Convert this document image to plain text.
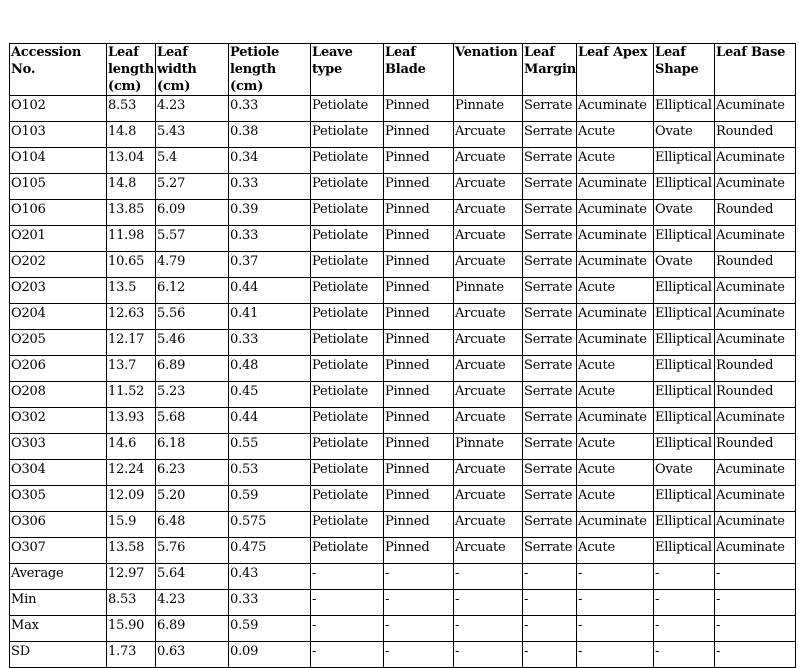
Accession No.	Leaf length (cm)	Leaf width (cm)	Petiole length (cm)	Leave type	Leaf Blade	Venation	Leaf Margin	Leaf Apex	Leaf Shape	Leaf Base
O102	8.53	4.23	0.33	Petiolate	Pinned	Pinnate	Serrate	Acuminate	Elliptical	Acuminate
O103	14.8	5.43	0.38	Petiolate	Pinned	Arcuate	Serrate	Acute	Ovate	Rounded
O104	13.04	5.4	0.34	Petiolate	Pinned	Arcuate	Serrate	Acute	Elliptical	Acuminate
O105	14.8	5.27	0.33	Petiolate	Pinned	Arcuate	Serrate	Acuminate	Elliptical	Acuminate
O106	13.85	6.09	0.39	Petiolate	Pinned	Arcuate	Serrate	Acuminate	Ovate	Rounded
O201	11.98	5.57	0.33	Petiolate	Pinned	Arcuate	Serrate	Acuminate	Elliptical	Acuminate
O202	10.65	4.79	0.37	Petiolate	Pinned	Arcuate	Serrate	Acuminate	Ovate	Rounded
O203	13.5	6.12	0.44	Petiolate	Pinned	Pinnate	Serrate	Acute	Elliptical	Acuminate
O204	12.63	5.56	0.41	Petiolate	Pinned	Arcuate	Serrate	Acuminate	Elliptical	Acuminate
O205	12.17	5.46	0.33	Petiolate	Pinned	Arcuate	Serrate	Acuminate	Elliptical	Acuminate
O206	13.7	6.89	0.48	Petiolate	Pinned	Arcuate	Serrate	Acute	Elliptical	Rounded
O208	11.52	5.23	0.45	Petiolate	Pinned	Arcuate	Serrate	Acute	Elliptical	Rounded
O302	13.93	5.68	0.44	Petiolate	Pinned	Arcuate	Serrate	Acuminate	Elliptical	Acuminate
O303	14.6	6.18	0.55	Petiolate	Pinned	Pinnate	Serrate	Acute	Elliptical	Rounded
O304	12.24	6.23	0.53	Petiolate	Pinned	Arcuate	Serrate	Acute	Ovate	Acuminate
O305	12.09	5.20	0.59	Petiolate	Pinned	Arcuate	Serrate	Acute	Elliptical	Acuminate
O306	15.9	6.48	0.575	Petiolate	Pinned	Arcuate	Serrate	Acuminate	Elliptical	Acuminate
O307	13.58	5.76	0.475	Petiolate	Pinned	Arcuate	Serrate	Acute	Elliptical	Acuminate
Average	12.97	5.64	0.43	-	-	-	-	-	-	-
Min	8.53	4.23	0.33	-	-	-	-	-	-	-
Max	15.90	6.89	0.59	-	-	-	-	-	-	-
SD	1.73	0.63	0.09	-	-	-	-	-	-	-
